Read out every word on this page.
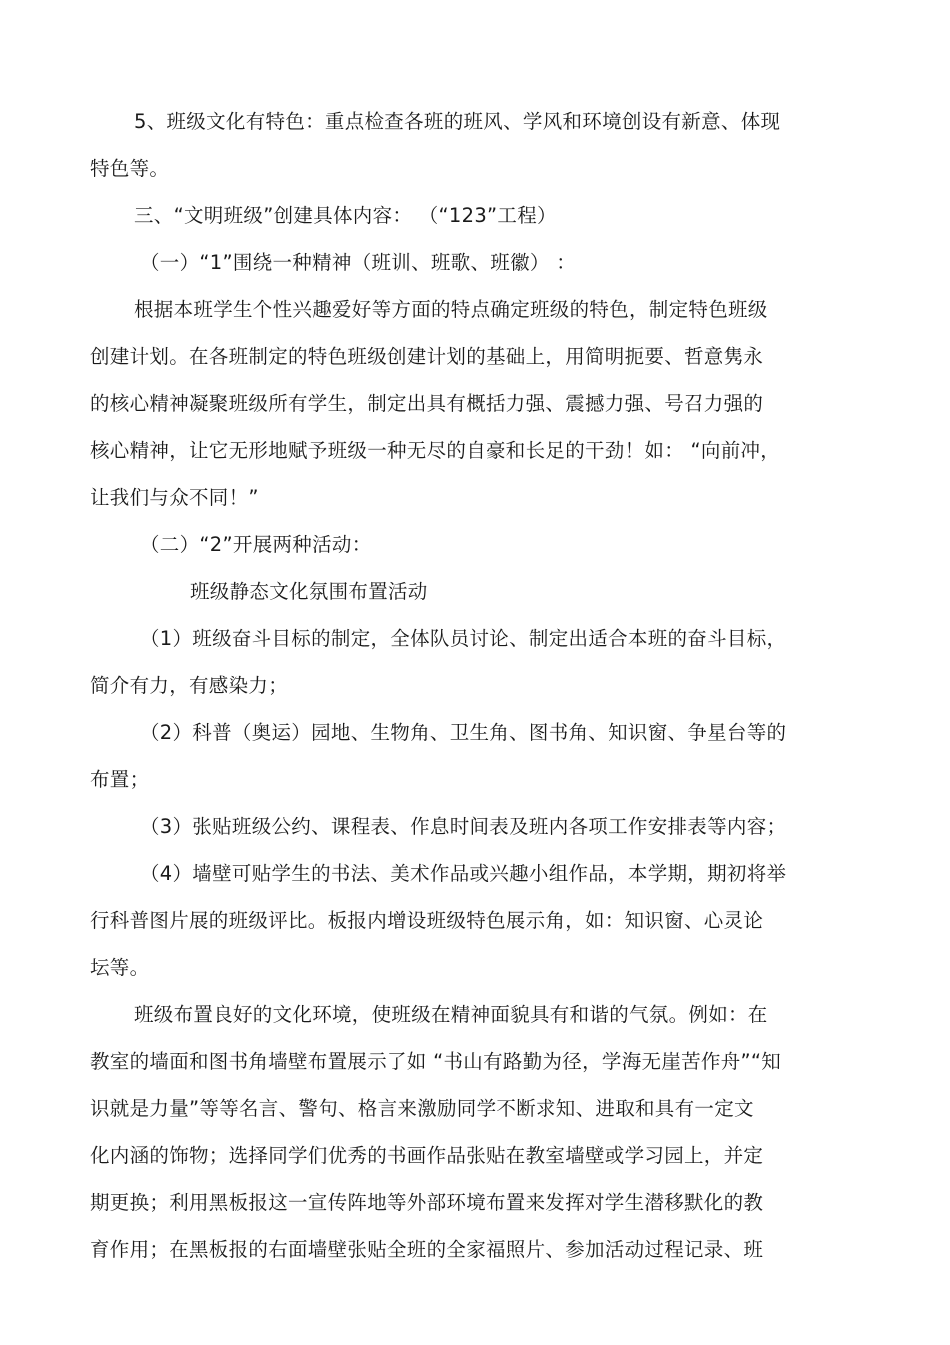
5、班级文化有特色：重点检查各班的班风、学风和环境创设有新意、体现
特色等。
三、“文明班级”创建具体内容： （“123”工程）
（一）“1”围绕一种精神（班训、班歌、班徽） ：
根据本班学生个性兴趣爱好等方面的特点确定班级的特色，制定特色班级
创建计划。在各班制定的特色班级创建计划的基础上，用简明扼要、哲意隽永
的核心精神凝聚班级所有学生，制定出具有概括力强、震撼力强、号召力强的
核心精神，让它无形地赋予班级一种无尽的自豪和长足的干劲！如： “向前冲，
让我们与众不同！”
（二）“2”开展两种活动：
班级静态文化氛围布置活动
（1）班级奋斗目标的制定，全体队员讨论、制定出适合本班的奋斗目标，
简介有力，有感染力；
（2）科普（奥运）园地、生物角、卫生角、图书角、知识窗、争星台等的
布置；
（3）张贴班级公约、课程表、作息时间表及班内各项工作安排表等内容；
（4）墙壁可贴学生的书法、美术作品或兴趣小组作品，本学期，期初将举
行科普图片展的班级评比。板报内增设班级特色展示角，如：知识窗、心灵论
坛等。
班级布置良好的文化环境，使班级在精神面貌具有和谐的气氛。例如：在
教室的墙面和图书角墙壁布置展示了如 “书山有路勤为径，学海无崖苦作舟”“知
识就是力量”等等名言、警句、格言来激励同学不断求知、进取和具有一定文
化内涵的饰物；选择同学们优秀的书画作品张贴在教室墙壁或学习园上，并定
期更换；利用黑板报这一宣传阵地等外部环境布置来发挥对学生潜移默化的教
育作用；在黑板报的右面墙壁张贴全班的全家福照片、参加活动过程记录、班
